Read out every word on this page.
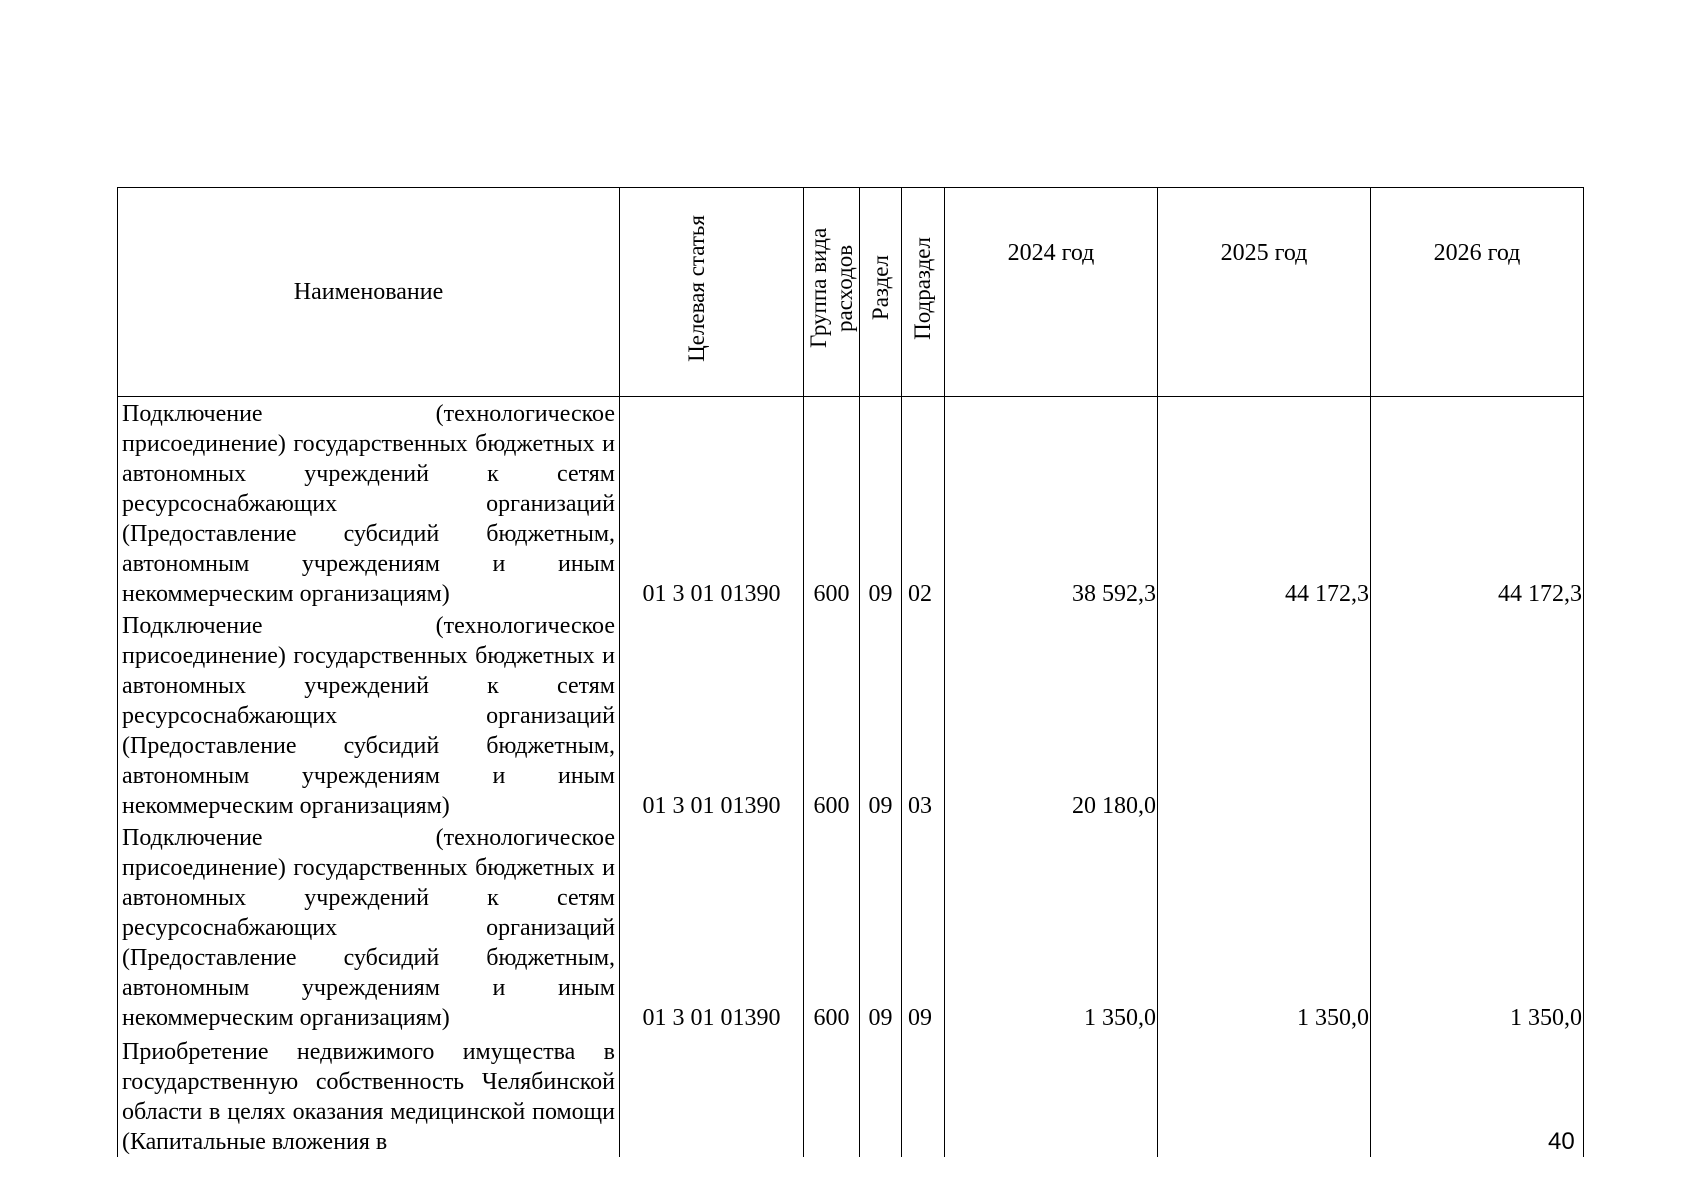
Наименование	Целевая статья	Группа вида расходов	Раздел	Подраздел	2024 год	2025 год	2026 год
Подключение (технологическое присоединение) государственных бюджетных и автономных учреждений к сетям ресурсоснабжающих организаций (Предоставление субсидий бюджетным, автономным учреждениям и иным некоммерческим организациям)	01 3 01 01390	600	09	02	38 592,3	44 172,3	44 172,3
Подключение (технологическое присоединение) государственных бюджетных и автономных учреждений к сетям ресурсоснабжающих организаций (Предоставление субсидий бюджетным, автономным учреждениям и иным некоммерческим организациям)	01 3 01 01390	600	09	03	20 180,0		
Подключение (технологическое присоединение) государственных бюджетных и автономных учреждений к сетям ресурсоснабжающих организаций (Предоставление субсидий бюджетным, автономным учреждениям и иным некоммерческим организациям)	01 3 01 01390	600	09	09	1 350,0	1 350,0	1 350,0
Приобретение недвижимого имущества в государственную собственность Челябинской области в целях оказания медицинской помощи (Капитальные вложения в								40
